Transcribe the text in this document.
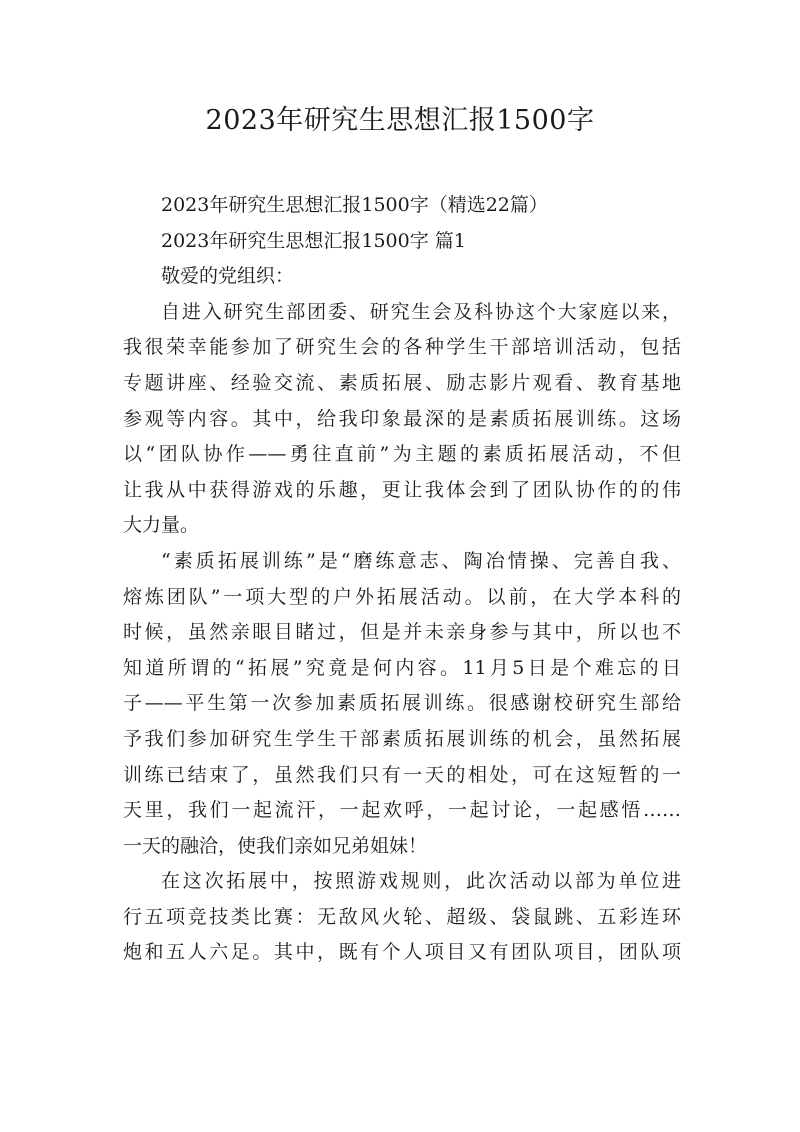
2023年研究生思想汇报1500字
2023年研究生思想汇报1500字（精选22篇）
2023年研究生思想汇报1500字 篇1
敬爱的党组织：
自进入研究生部团委、研究生会及科协这个大家庭以来，
我很荣幸能参加了研究生会的各种学生干部培训活动，包括
专题讲座、经验交流、素质拓展、励志影片观看、教育基地
参观等内容。其中，给我印象最深的是素质拓展训练。这场
以“团队协作——勇往直前”为主题的素质拓展活动，不但
让我从中获得游戏的乐趣，更让我体会到了团队协作的的伟
大力量。
“素质拓展训练”是“磨练意志、陶冶情操、完善自我、
熔炼团队”一项大型的户外拓展活动。以前，在大学本科的
时候，虽然亲眼目睹过，但是并未亲身参与其中，所以也不
知道所谓的“拓展”究竟是何内容。11月5日是个难忘的日
子——平生第一次参加素质拓展训练。很感谢校研究生部给
予我们参加研究生学生干部素质拓展训练的机会，虽然拓展
训练已结束了，虽然我们只有一天的相处，可在这短暂的一
天里，我们一起流汗，一起欢呼，一起讨论，一起感悟……
一天的融洽，使我们亲如兄弟姐妹！
在这次拓展中，按照游戏规则，此次活动以部为单位进
行五项竞技类比赛：无敌风火轮、超级、袋鼠跳、五彩连环
炮和五人六足。其中，既有个人项目又有团队项目，团队项
